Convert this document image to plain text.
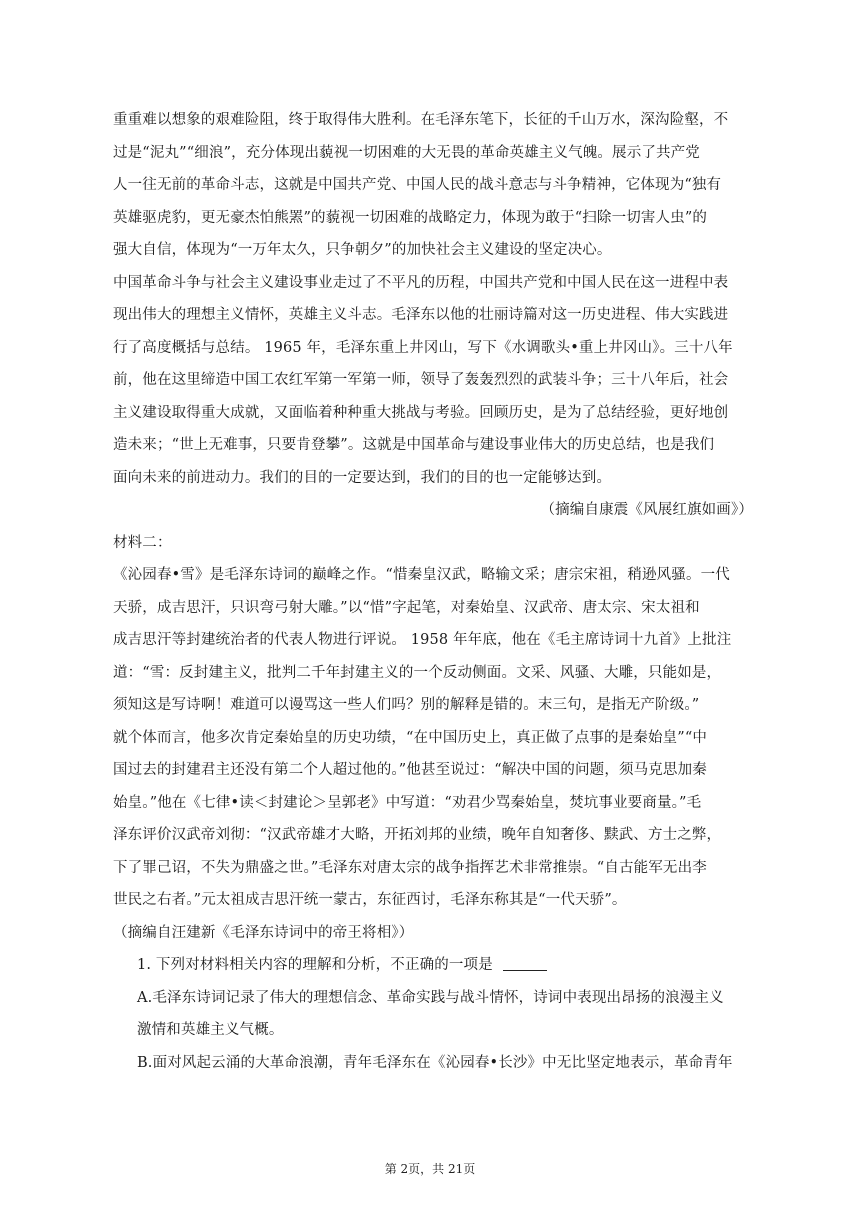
重重难以想象的艰难险阻，终于取得伟大胜利。在毛泽东笔下，长征的千山万水，深沟险壑，不
过是“泥丸”“细浪”，充分体现出藐视一切困难的大无畏的革命英雄主义气魄。展示了共产党
人一往无前的革命斗志，这就是中国共产党、中国人民的战斗意志与斗争精神，它体现为“独有
英雄驱虎豹，更无豪杰怕熊罴”的藐视一切困难的战略定力，体现为敢于“扫除一切害人虫”的
强大自信，体现为“一万年太久，只争朝夕”的加快社会主义建设的坚定决心。
中国革命斗争与社会主义建设事业走过了不平凡的历程，中国共产党和中国人民在这一进程中表
现出伟大的理想主义情怀，英雄主义斗志。毛泽东以他的壮丽诗篇对这一历史进程、伟大实践进
行了高度概括与总结。 1965 年，毛泽东重上井冈山，写下《水调歌头•重上井冈山》。三十八年
前，他在这里缔造中国工农红军第一军第一师，领导了轰轰烈烈的武装斗争；三十八年后，社会
主义建设取得重大成就，又面临着种种重大挑战与考验。回顾历史，是为了总结经验，更好地创
造未来；“世上无难事，只要肯登攀”。这就是中国革命与建设事业伟大的历史总结，也是我们
面向未来的前进动力。我们的目的一定要达到，我们的目的也一定能够达到。
（摘编自康震《风展红旗如画》）
材料二：
《沁园春•雪》是毛泽东诗词的巅峰之作。“惜秦皇汉武，略输文采；唐宗宋祖，稍逊风骚。一代
天骄，成吉思汗，只识弯弓射大雕。”以“惜”字起笔，对秦始皇、汉武帝、唐太宗、宋太祖和
成吉思汗等封建统治者的代表人物进行评说。 1958 年年底，他在《毛主席诗词十九首》上批注
道：“雪：反封建主义，批判二千年封建主义的一个反动侧面。文采、风骚、大雕，只能如是，
须知这是写诗啊！难道可以谩骂这一些人们吗？别的解释是错的。末三句，是指无产阶级。”
就个体而言，他多次肯定秦始皇的历史功绩，“在中国历史上，真正做了点事的是秦始皇”“中
国过去的封建君主还没有第二个人超过他的。”他甚至说过：“解决中国的问题，须马克思加秦
始皇。”他在《七律•读＜封建论＞呈郭老》中写道：“劝君少骂秦始皇，焚坑事业要商量。”毛
泽东评价汉武帝刘彻：“汉武帝雄才大略，开拓刘邦的业绩，晚年自知奢侈、黩武、方士之弊，
下了罪己诏，不失为鼎盛之世。”毛泽东对唐太宗的战争指挥艺术非常推崇。“自古能军无出李
世民之右者。”元太祖成吉思汗统一蒙古，东征西讨，毛泽东称其是“一代天骄”。
（摘编自汪建新《毛泽东诗词中的帝王将相》）
1. 下列对材料相关内容的理解和分析，不正确的一项是
A.毛泽东诗词记录了伟大的理想信念、革命实践与战斗情怀，诗词中表现出昂扬的浪漫主义
激情和英雄主义气概。
B.面对风起云涌的大革命浪潮，青年毛泽东在《沁园春•长沙》中无比坚定地表示，革命青年
第 2页，共 21页
